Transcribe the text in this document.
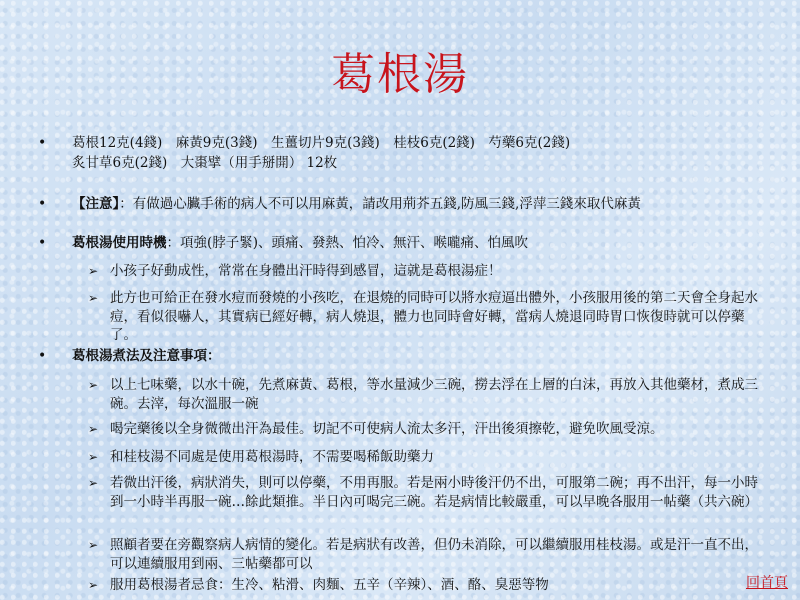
葛根湯
• 葛根12克(4錢)　麻黃9克(3錢)　生薑切片9克(3錢)　桂枝6克(2錢)　芍藥6克(2錢)
炙甘草6克(2錢)　大棗擘（用手掰開） 12枚
• 【注意】：有做過心臟手術的病人不可以用麻黃，請改用荊芥五錢,防風三錢,浮萍三錢來取代麻黃
• 葛根湯使用時機：項強(脖子緊)、頭痛、發熱、怕冷、無汗、喉嚨痛、怕風吹
➢ 小孩子好動成性，常常在身體出汗時得到感冒，這就是葛根湯症！
➢ 此方也可給正在發水痘而發燒的小孩吃，在退燒的同時可以將水痘逼出體外，小孩服用後的第二天會全身起水痘，看似很嚇人，其實病已經好轉，病人燒退，體力也同時會好轉，當病人燒退同時胃口恢復時就可以停藥了。
• 葛根湯煮法及注意事項：
➢ 以上七味藥，以水十碗，先煮麻黃、葛根，等水量減少三碗，撈去浮在上層的白沫，再放入其他藥材，煮成三碗。去滓，每次溫服一碗
➢ 喝完藥後以全身微微出汗為最佳。切記不可使病人流太多汗，汗出後須擦乾，避免吹風受涼。
➢ 和桂枝湯不同處是使用葛根湯時，不需要喝稀飯助藥力
➢ 若微出汗後，病狀消失，則可以停藥，不用再服。若是兩小時後汗仍不出，可服第二碗；再不出汗，每一小時到一小時半再服一碗…餘此類推。半日內可喝完三碗。若是病情比較嚴重，可以早晚各服用一帖藥（共六碗）
➢ 照顧者要在旁觀察病人病情的變化。若是病狀有改善，但仍未消除，可以繼續服用桂枝湯。或是汗一直不出，可以連續服用到兩、三帖藥都可以
➢ 服用葛根湯者忌食：生冷、粘滑、肉麵、五辛（辛辣）、酒、酪、臭惡等物	回首頁
